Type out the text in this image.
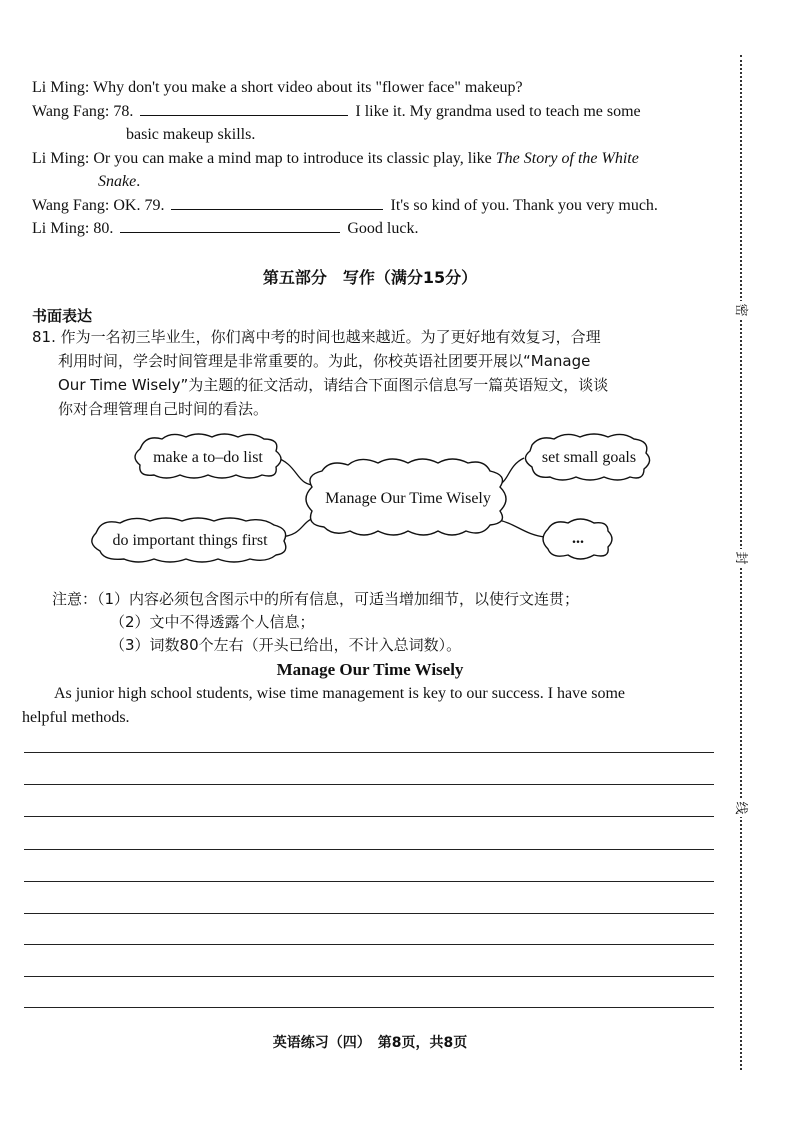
Li Ming: Why don't you make a short video about its "flower face" makeup?
Wang Fang: 78.	I like it. My grandma used to teach me some
basic makeup skills.
Li Ming: Or you can make a mind map to introduce its classic play, like The Story of the White
Snake.
Wang Fang: OK. 79.	It's so kind of you. Thank you very much.
Li Ming: 80.	Good luck.
第五部分　写作（满分15分）
书面表达
81. 作为一名初三毕业生，你们离中考的时间也越来越近。为了更好地有效复习，合理
利用时间，学会时间管理是非常重要的。为此，你校英语社团要开展以“Manage
Our Time Wisely”为主题的征文活动，请结合下面图示信息写一篇英语短文，谈谈
你对合理管理自己时间的看法。
Manage Our Time Wisely
make a to–do list	set small goals
do important things first	...
注意：（1）内容必须包含图示中的所有信息，可适当增加细节，以使行文连贯；
（2）文中不得透露个人信息；
（3）词数80个左右（开头已给出，不计入总词数）。
Manage Our Time Wisely
As junior high school students, wise time management is key to our success. I have some
helpful methods.
英语练习（四）　第8页，共8页
密
封
线
